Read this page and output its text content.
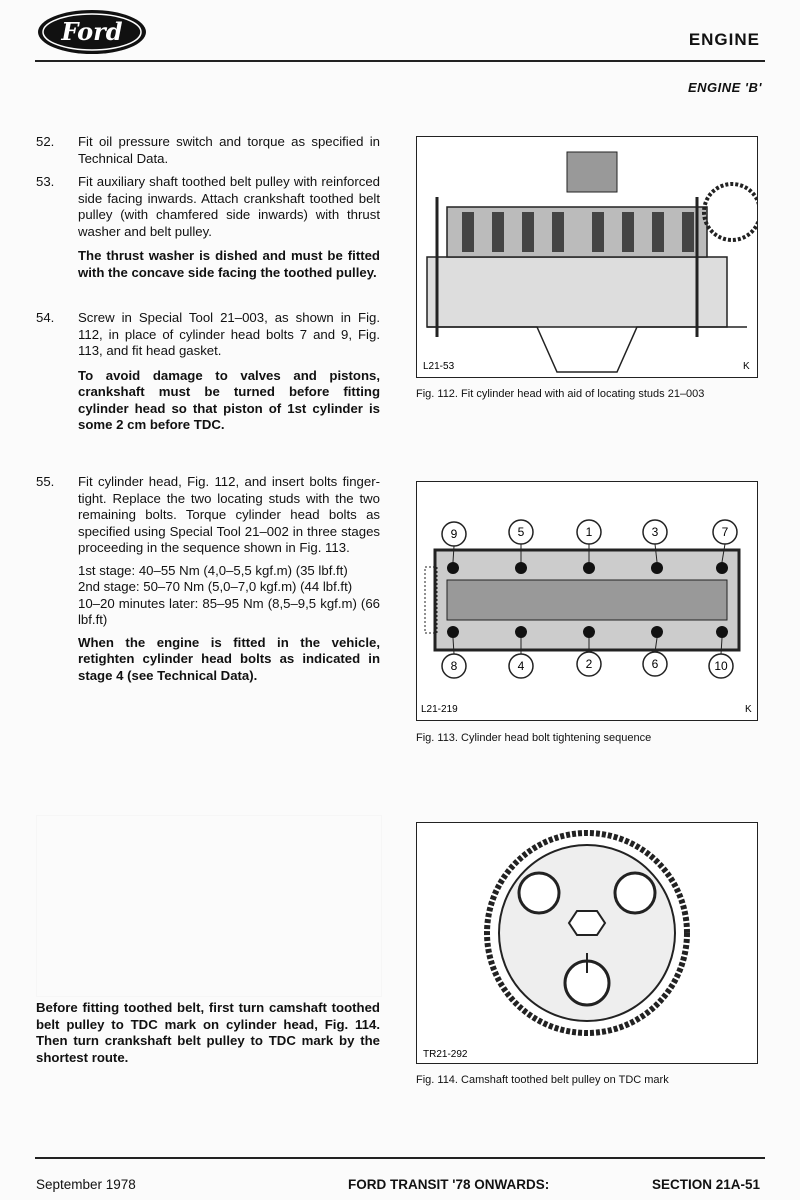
Ford	ENGINE
ENGINE 'B'
52.	Fit oil pressure switch and torque as specified in Technical Data.

53.	Fit auxiliary shaft toothed belt pulley with reinforced side facing inwards. Attach crankshaft toothed belt pulley (with chamfered side inwards) with thrust washer and belt pulley.

The thrust washer is dished and must be fitted with the concave side facing the toothed pulley.

54.	Screw in Special Tool 21–003, as shown in Fig. 112, in place of cylinder head bolts 7 and 9, Fig. 113, and fit head gasket.

To avoid damage to valves and pistons, crankshaft must be turned before fitting cylinder head so that piston of 1st cylinder is some 2 cm before TDC.

55.	Fit cylinder head, Fig. 112, and insert bolts finger-tight. Replace the two locating studs with the two remaining bolts. Torque cylinder head bolts as specified using Special Tool 21–002 in three stages proceeding in the sequence shown in Fig. 113.

1st stage: 40–55 Nm (4,0–5,5 kgf.m) (35 lbf.ft)
2nd stage: 50–70 Nm (5,0–7,0 kgf.m) (44 lbf.ft)
10–20 minutes later: 85–95 Nm (8,5–9,5 kgf.m) (66 lbf.ft)

When the engine is fitted in the vehicle, retighten cylinder head bolts as indicated in stage 4 (see Technical Data).

Before fitting toothed belt, first turn camshaft toothed belt pulley to TDC mark on cylinder head, Fig. 114. Then turn crankshaft belt pulley to TDC mark by the shortest route.
L21-53	K
Fig. 112. Fit cylinder head with aid of locating studs 21–003
9	5	1	3	7
8	4	2	6	10
L21-219	K
Fig. 113. Cylinder head bolt tightening sequence
TR21-292
Fig. 114. Camshaft toothed belt pulley on TDC mark
September 1978	FORD TRANSIT '78 ONWARDS:	SECTION 21A-51
